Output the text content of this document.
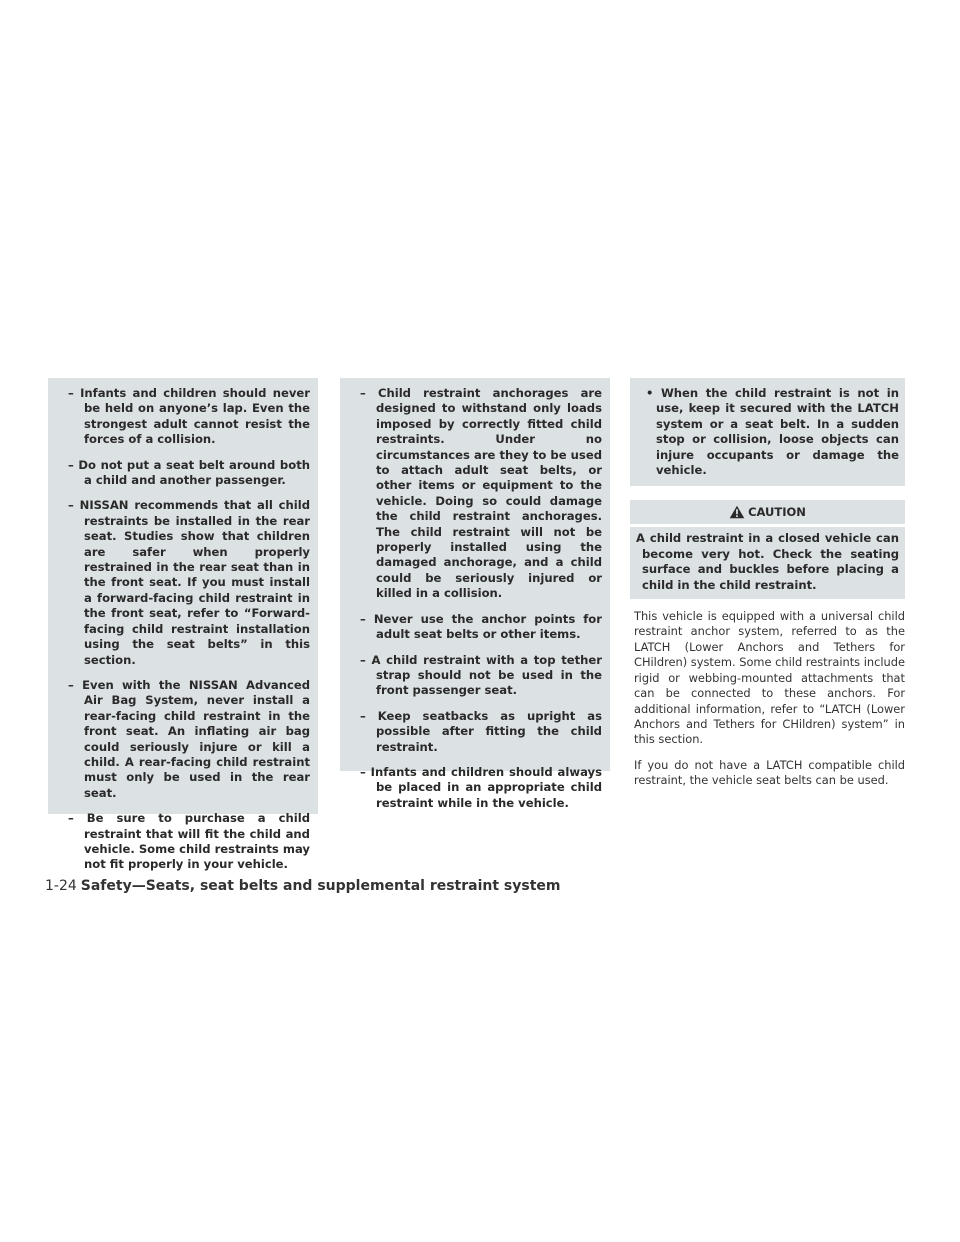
– Infants and children should never be held on anyone’s lap. Even the strongest adult cannot resist the forces of a collision.

– Do not put a seat belt around both a child and another passenger.

– NISSAN recommends that all child restraints be installed in the rear seat. Studies show that children are safer when properly restrained in the rear seat than in the front seat. If you must install a forward-facing child restraint in the front seat, refer to “Forward-facing child restraint installation using the seat belts” in this section.

– Even with the NISSAN Advanced Air Bag System, never install a rear-facing child restraint in the front seat. An inflating air bag could seriously injure or kill a child. A rear-facing child restraint must only be used in the rear seat.

– Be sure to purchase a child restraint that will fit the child and vehicle. Some child restraints may not fit properly in your vehicle.

– Child restraint anchorages are designed to withstand only loads imposed by correctly fitted child restraints. Under no circumstances are they to be used to attach adult seat belts, or other items or equipment to the vehicle. Doing so could damage the child restraint anchorages. The child restraint will not be properly installed using the damaged anchorage, and a child could be seriously injured or killed in a collision.

– Never use the anchor points for adult seat belts or other items.

– A child restraint with a top tether strap should not be used in the front passenger seat.

– Keep seatbacks as upright as possible after fitting the child restraint.

– Infants and children should always be placed in an appropriate child restraint while in the vehicle.

• When the child restraint is not in use, keep it secured with the LATCH system or a seat belt. In a sudden stop or collision, loose objects can injure occupants or damage the vehicle.

CAUTION
A child restraint in a closed vehicle can become very hot. Check the seating surface and buckles before placing a child in the child restraint.

This vehicle is equipped with a universal child restraint anchor system, referred to as the LATCH (Lower Anchors and Tethers for CHildren) system. Some child restraints include rigid or webbing-mounted attachments that can be connected to these anchors. For additional information, refer to “LATCH (Lower Anchors and Tethers for CHildren) system” in this section.

If you do not have a LATCH compatible child restraint, the vehicle seat belts can be used.

1-24 Safety—Seats, seat belts and supplemental restraint system
